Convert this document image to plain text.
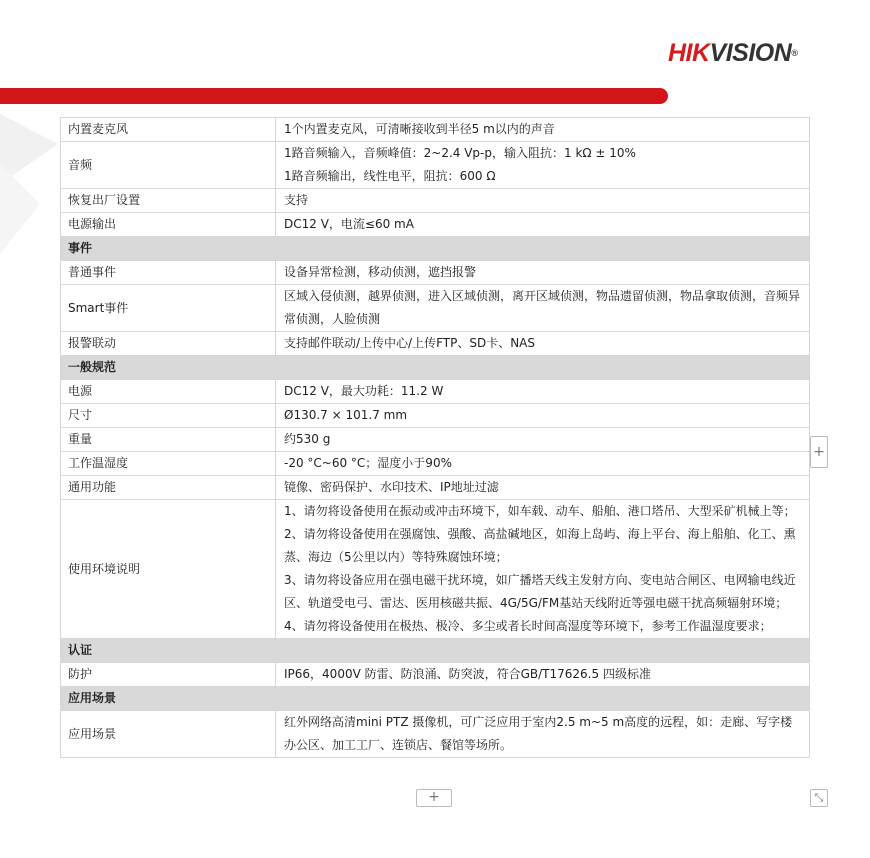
HIKVISION®
内置麦克风	1个内置麦克风，可清晰接收到半径5 m以内的声音

音频	1路音频输入，音频峰值：2~2.4 Vp-p，输入阻抗：1 kΩ ± 10%
1路音频输出，线性电平，阻抗：600 Ω

恢复出厂设置	支持

电源输出	DC12 V，电流≤60 mA

事件	
普通事件	设备异常检测，移动侦测，遮挡报警

Smart事件	区域入侵侦测，越界侦测，进入区域侦测，离开区域侦测，物品遗留侦测，物品拿取侦测，音频异常侦测，人脸侦测

报警联动	支持邮件联动/上传中心/上传FTP、SD卡、NAS

一般规范	
电源	DC12 V，最大功耗：11.2 W

尺寸	Ø130.7 × 101.7 mm

重量	约530 g

工作温湿度	-20 °C~60 °C；湿度小于90%

通用功能	镜像、密码保护、水印技术、IP地址过滤

使用环境说明	1、请勿将设备使用在振动或冲击环境下，如车载、动车、船舶、港口塔吊、大型采矿机械上等；
2、请勿将设备使用在强腐蚀、强酸、高盐碱地区，如海上岛屿、海上平台、海上船舶、化工、熏蒸、海边（5公里以内）等特殊腐蚀环境；
3、请勿将设备应用在强电磁干扰环境，如广播塔天线主发射方向、变电站合闸区、电网输电线近区、轨道受电弓、雷达、医用核磁共振、4G/5G/FM基站天线附近等强电磁干扰高频辐射环境；
4、请勿将设备使用在极热、极冷、多尘或者长时间高湿度等环境下，参考工作温湿度要求；

认证	
防护	IP66，4000V 防雷、防浪涌、防突波，符合GB/T17626.5 四级标准

应用场景	
应用场景	红外网络高清mini PTZ 摄像机，可广泛应用于室内2.5 m~5 m高度的远程，如：走廊、写字楼办公区、加工工厂、连锁店、餐馆等场所。
+
+	⤡
